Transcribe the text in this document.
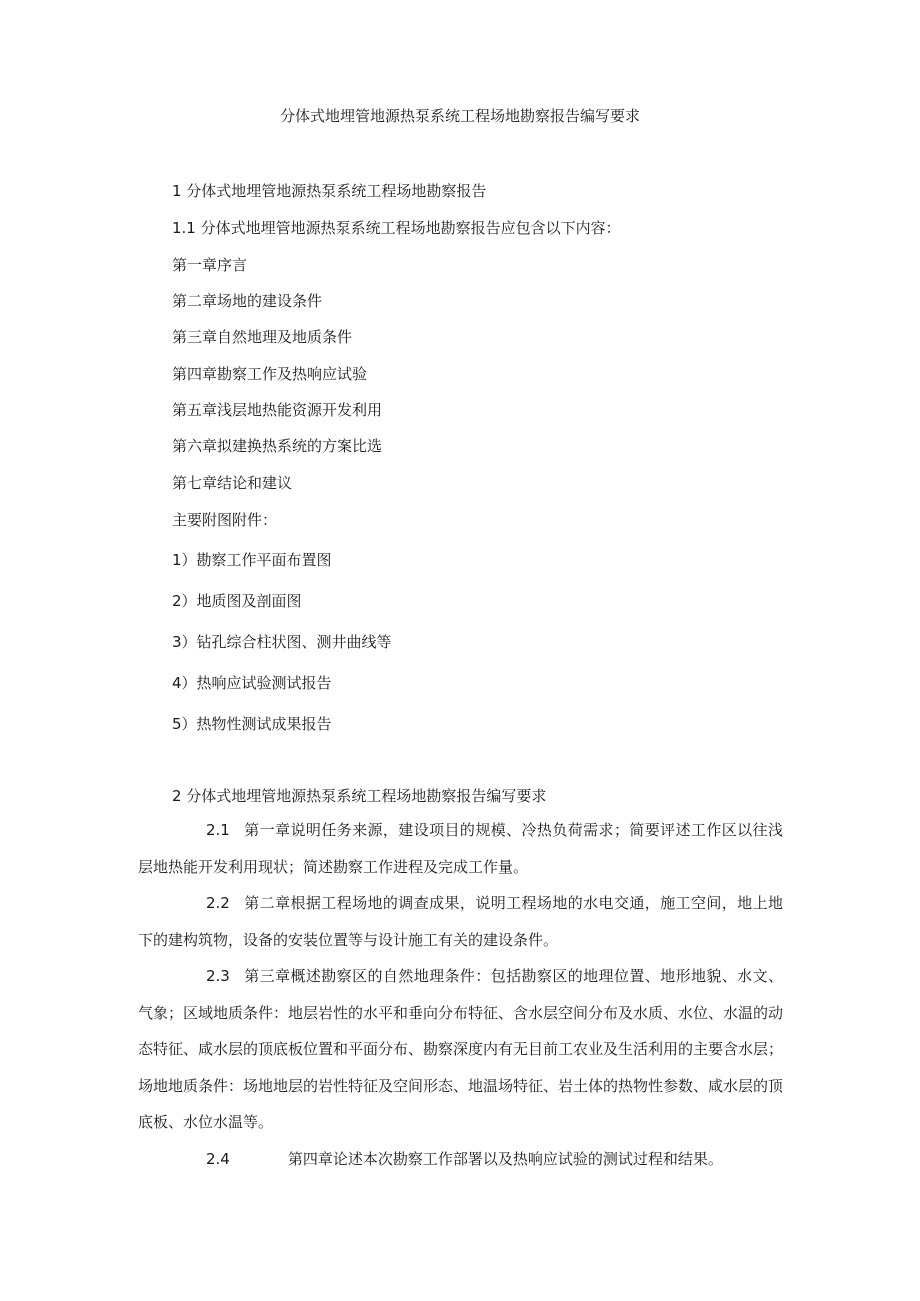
分体式地埋管地源热泵系统工程场地勘察报告编写要求
1 分体式地埋管地源热泵系统工程场地勘察报告
1.1 分体式地埋管地源热泵系统工程场地勘察报告应包含以下内容：
第一章序言
第二章场地的建设条件
第三章自然地理及地质条件
第四章勘察工作及热响应试验
第五章浅层地热能资源开发利用
第六章拟建换热系统的方案比选
第七章结论和建议
主要附图附件：
1）勘察工作平面布置图
2）地质图及剖面图
3）钻孔综合柱状图、测井曲线等
4）热响应试验测试报告
5）热物性测试成果报告
2 分体式地埋管地源热泵系统工程场地勘察报告编写要求
2.1 第一章说明任务来源，建设项目的规模、冷热负荷需求；简要评述工作区以往浅层地热能开发利用现状；简述勘察工作进程及完成工作量。
2.2 第二章根据工程场地的调查成果，说明工程场地的水电交通，施工空间，地上地下的建构筑物，设备的安装位置等与设计施工有关的建设条件。
2.3 第三章概述勘察区的自然地理条件：包括勘察区的地理位置、地形地貌、水文、气象；区域地质条件：地层岩性的水平和垂向分布特征、含水层空间分布及水质、水位、水温的动态特征、咸水层的顶底板位置和平面分布、勘察深度内有无目前工农业及生活利用的主要含水层；场地地质条件：场地地层的岩性特征及空间形态、地温场特征、岩土体的热物性参数、咸水层的顶底板、水位水温等。
2.4	第四章论述本次勘察工作部署以及热响应试验的测试过程和结果。
